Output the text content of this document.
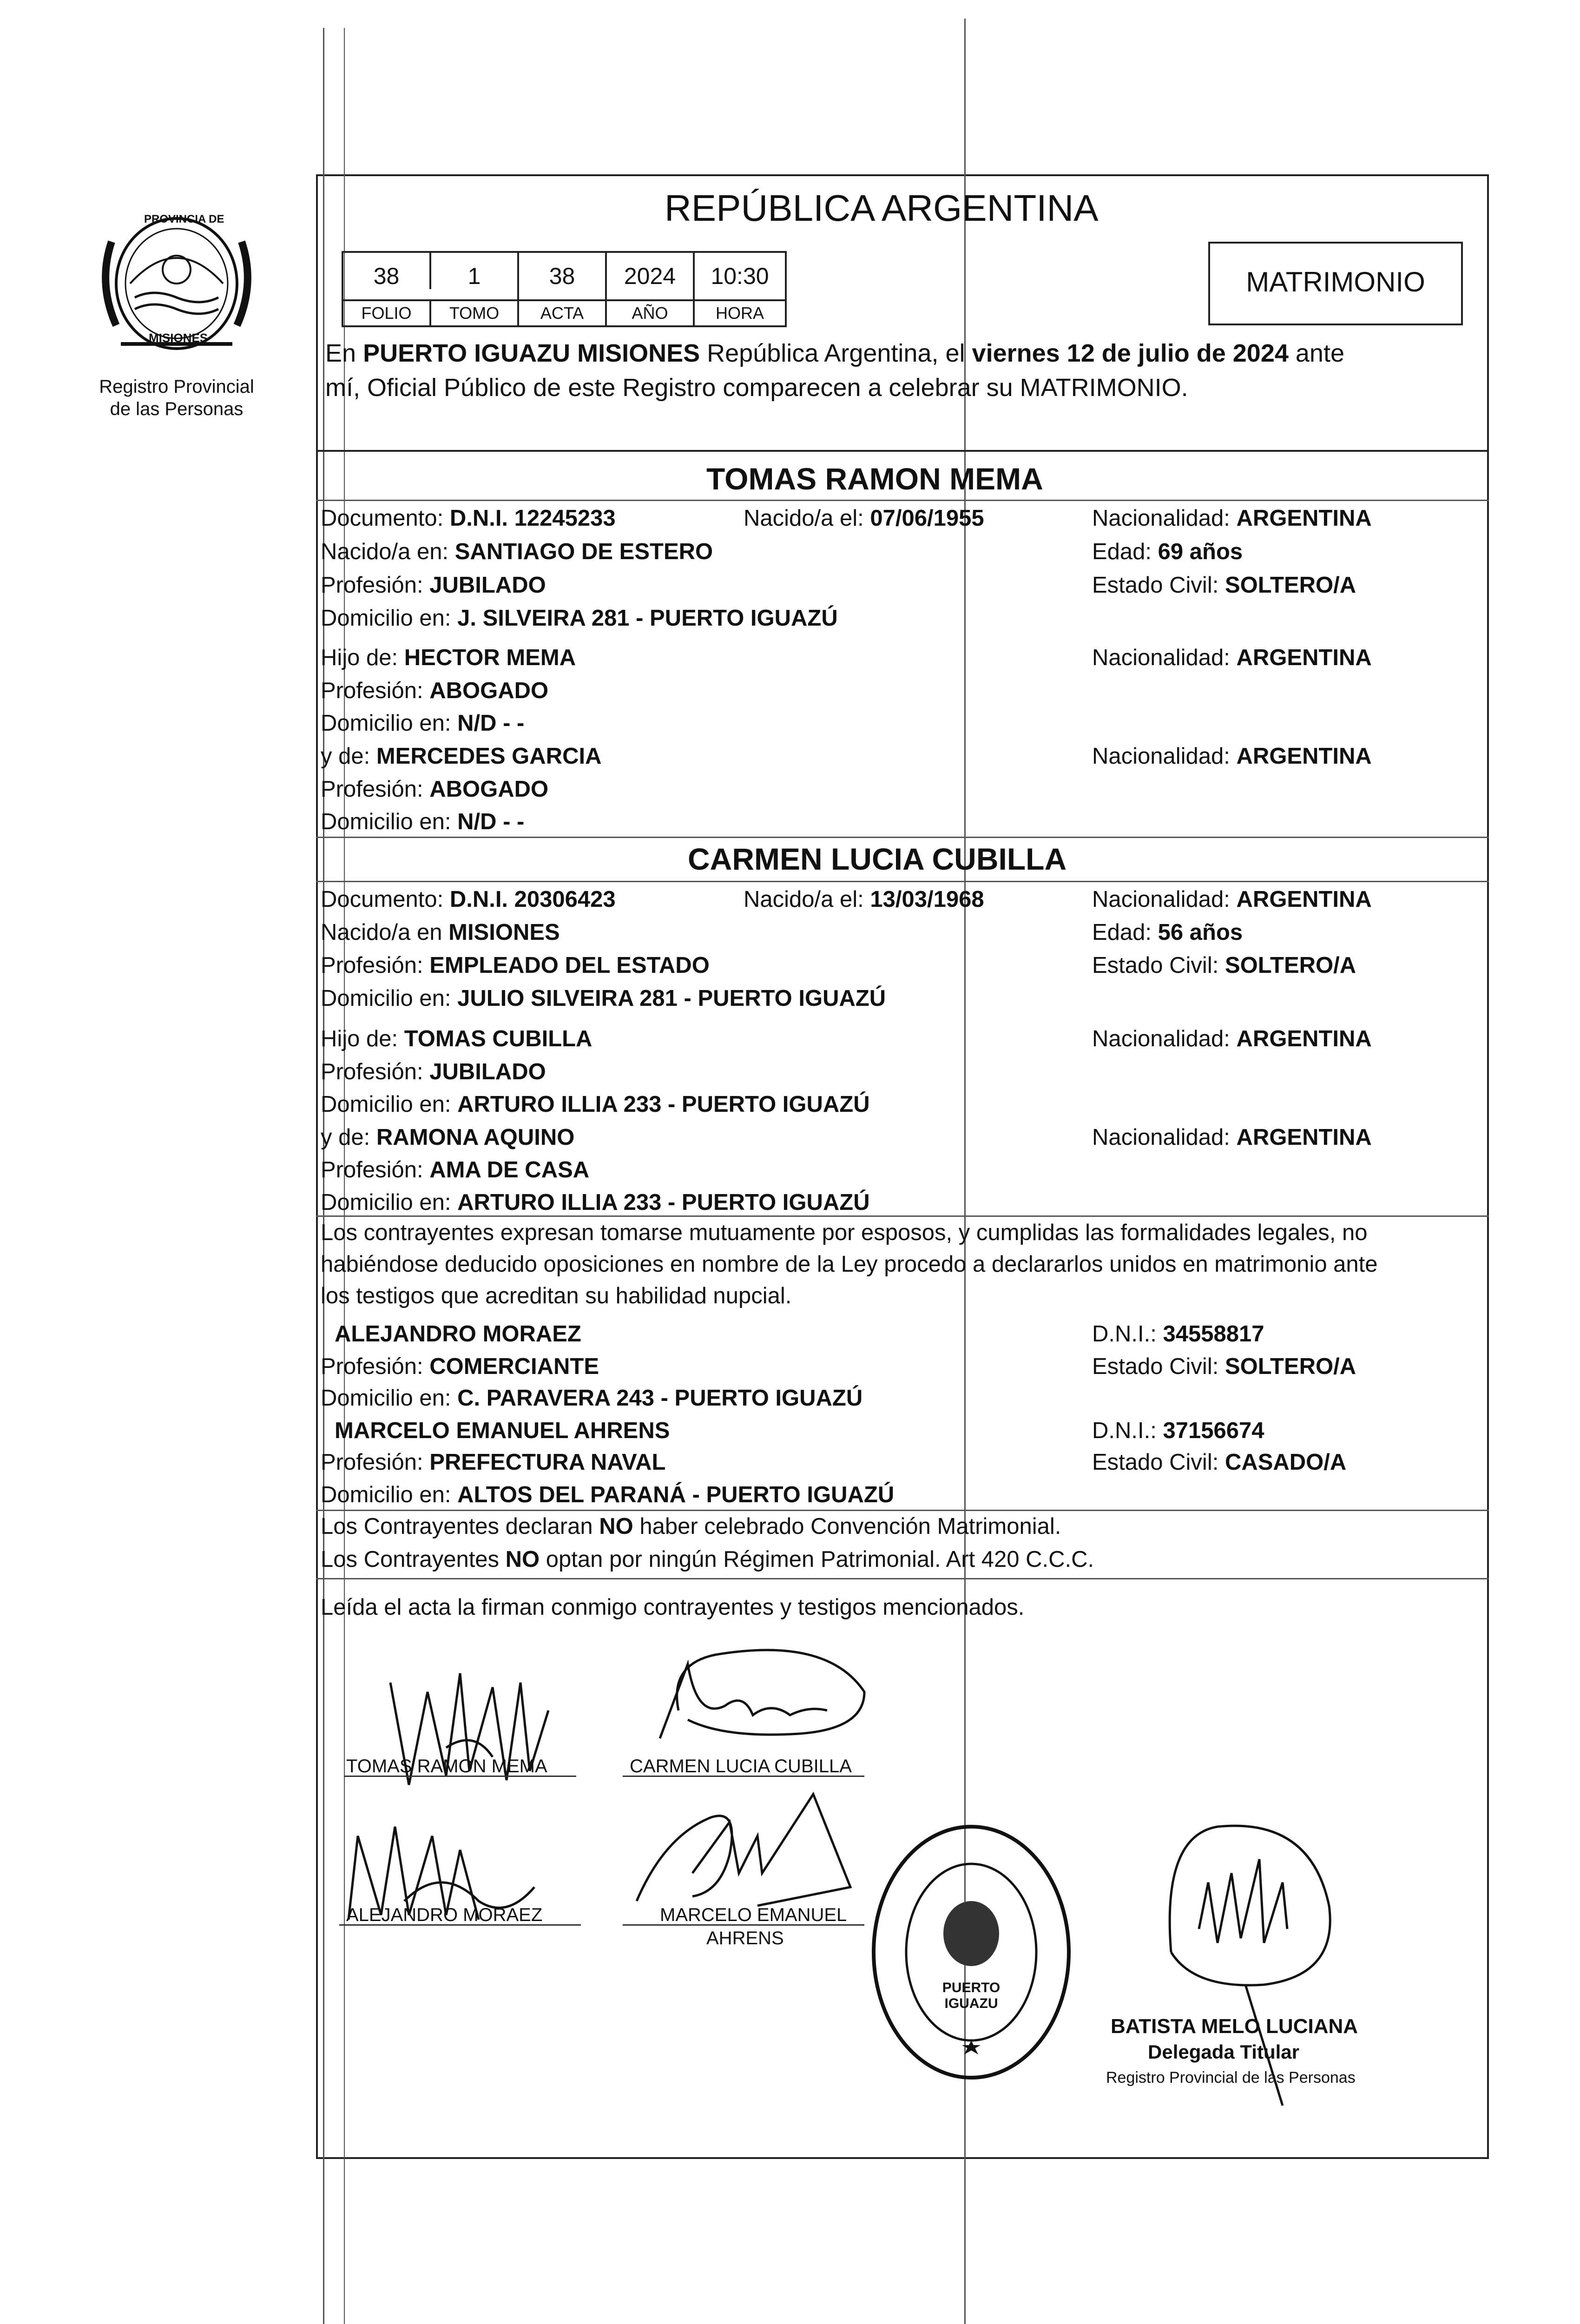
PROVINCIA DE
MISIONES
Registro Provincial
de las Personas
REPÚBLICA ARGENTINA
38	1	38	2024	10:30
FOLIO	TOMO	ACTA	AÑO	HORA
MATRIMONIO
En PUERTO IGUAZU MISIONES República Argentina, el viernes 12 de julio de 2024 ante
mí, Oficial Público de este Registro comparecen a celebrar su MATRIMONIO.
TOMAS RAMON MEMA
Documento: D.N.I. 12245233	Nacido/a el: 07/06/1955	Nacionalidad: ARGENTINA
Nacido/a en: SANTIAGO DE ESTERO	Edad: 69 años
Profesión: JUBILADO	Estado Civil: SOLTERO/A
Domicilio en: J. SILVEIRA 281 - PUERTO IGUAZÚ
Hijo de: HECTOR MEMA	Nacionalidad: ARGENTINA
Profesión: ABOGADO
Domicilio en: N/D - -
y de: MERCEDES GARCIA	Nacionalidad: ARGENTINA
Profesión: ABOGADO
Domicilio en: N/D - -
CARMEN LUCIA CUBILLA
Documento: D.N.I. 20306423	Nacido/a el: 13/03/1968	Nacionalidad: ARGENTINA
Nacido/a en MISIONES	Edad: 56 años
Profesión: EMPLEADO DEL ESTADO	Estado Civil: SOLTERO/A
Domicilio en: JULIO SILVEIRA 281 - PUERTO IGUAZÚ
Hijo de: TOMAS CUBILLA	Nacionalidad: ARGENTINA
Profesión: JUBILADO
Domicilio en: ARTURO ILLIA 233 - PUERTO IGUAZÚ
y de: RAMONA AQUINO	Nacionalidad: ARGENTINA
Profesión: AMA DE CASA
Domicilio en: ARTURO ILLIA 233 - PUERTO IGUAZÚ
Los contrayentes expresan tomarse mutuamente por esposos, y cumplidas las formalidades legales, no
habiéndose deducido oposiciones en nombre de la Ley procedo a declararlos unidos en matrimonio ante
los testigos que acreditan su habilidad nupcial.
ALEJANDRO MORAEZ	D.N.I.: 34558817
Profesión: COMERCIANTE	Estado Civil: SOLTERO/A
Domicilio en: C. PARAVERA 243 - PUERTO IGUAZÚ
MARCELO EMANUEL AHRENS	D.N.I.: 37156674
Profesión: PREFECTURA NAVAL	Estado Civil: CASADO/A
Domicilio en: ALTOS DEL PARANÁ - PUERTO IGUAZÚ
Los Contrayentes declaran NO haber celebrado Convención Matrimonial.
Los Contrayentes NO optan por ningún Régimen Patrimonial. Art 420 C.C.C.
Leída el acta la firman conmigo contrayentes y testigos mencionados.
TOMAS RAMON MEMA	CARMEN LUCIA CUBILLA
ALEJANDRO MORAEZ	MARCELO EMANUEL
AHRENS
PUERTO IGUAZU
BATISTA MELO LUCIANA
Delegada Titular
Registro Provincial de las Personas
